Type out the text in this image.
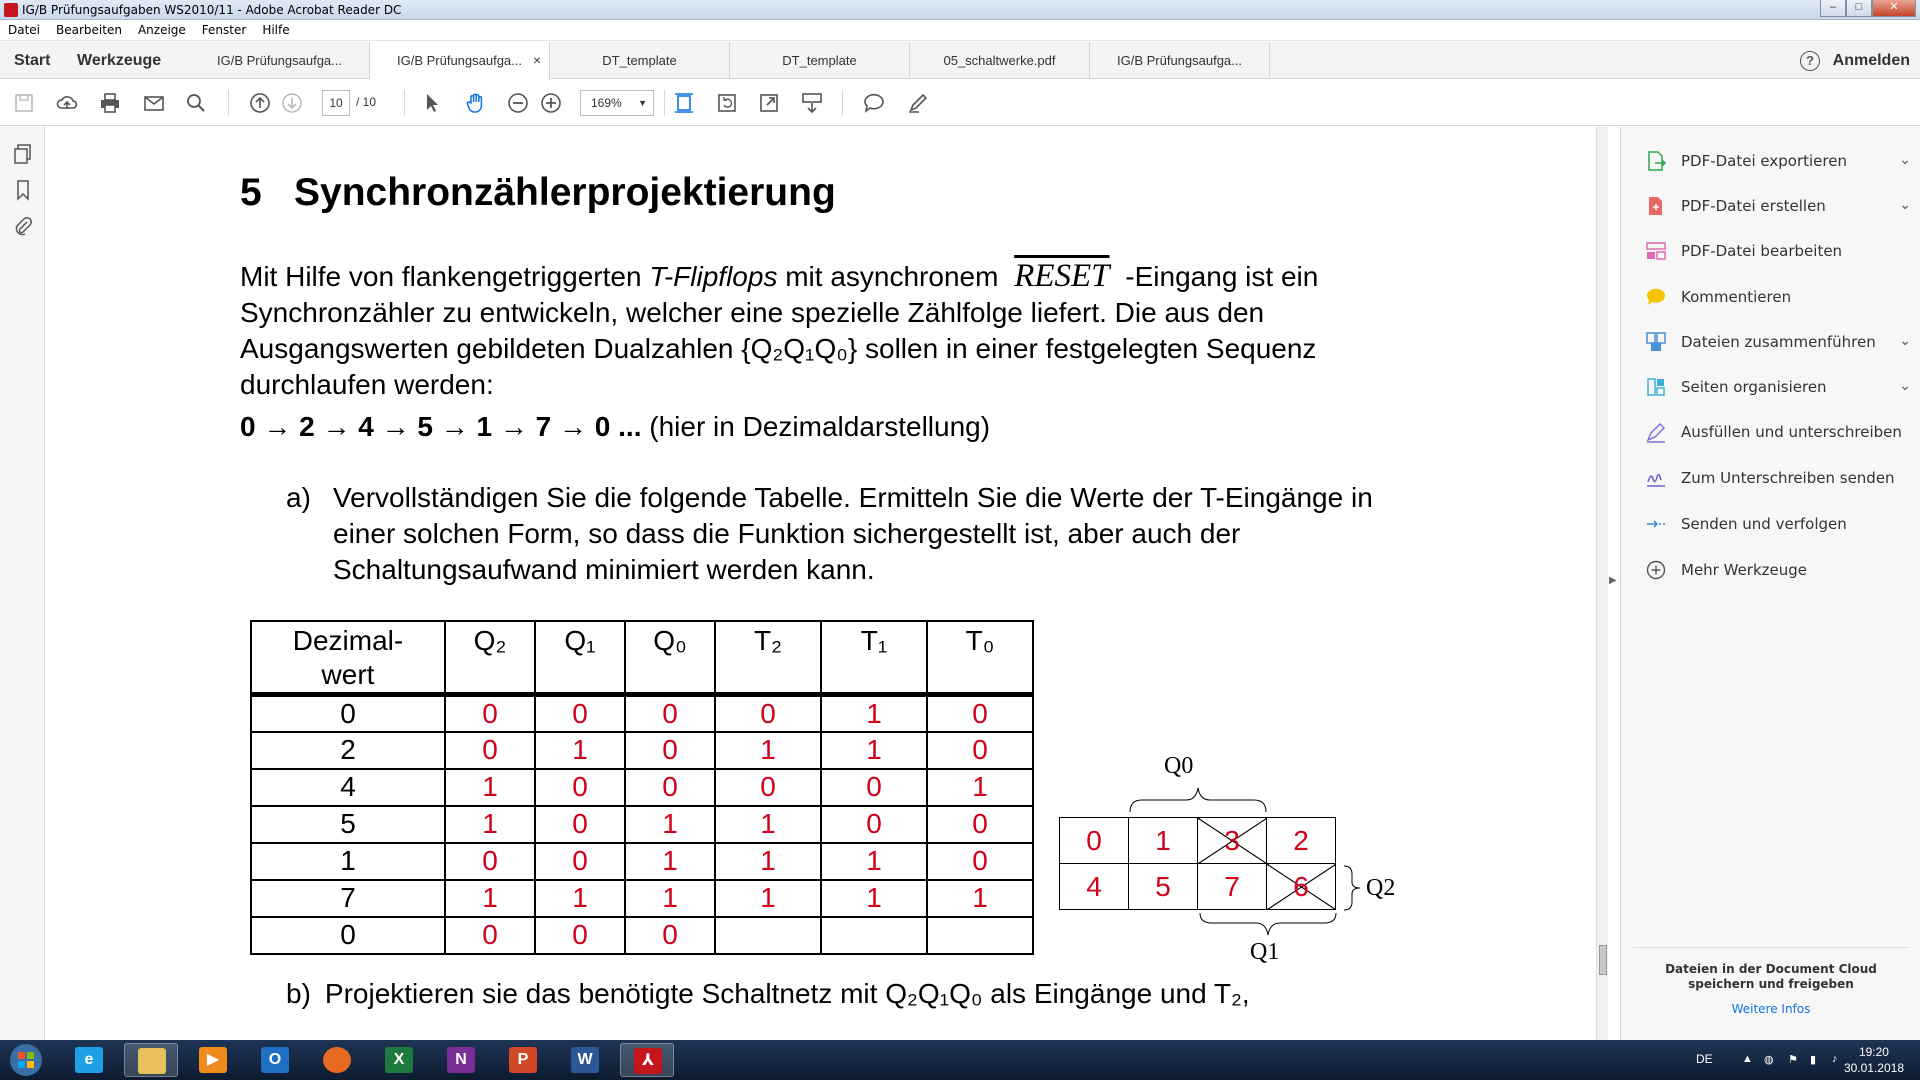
IG/B Prüfungsaufgaben WS2010/11 - Adobe Acrobat Reader DC	–	□	✕
Datei	Bearbeiten	Anzeige	Fenster	Hilfe
Start Werkzeuge	IG/B Prüfungsaufga...	IG/B Prüfungsaufga... ×	DT_template	DT_template	05_schaltwerke.pdf	IG/B Prüfungsaufga...	?	Anmelden
10	/ 10	169% ▼
5 Synchronzählerprojektierung
Mit Hilfe von flankengetriggerten T-Flipflops mit asynchronem RESET -Eingang ist ein Synchronzähler zu entwickeln, welcher eine spezielle Zählfolge liefert. Die aus den Ausgangswerten gebildeten Dualzahlen {Q₂Q₁Q₀} sollen in einer festgelegten Sequenz durchlaufen werden:
0 → 2 → 4 → 5 → 1 → 7 → 0 ... (hier in Dezimaldarstellung)
a) Vervollständigen Sie die folgende Tabelle. Ermitteln Sie die Werte der T-Eingänge in einer solchen Form, so dass die Funktion sichergestellt ist, aber auch der Schaltungsaufwand minimiert werden kann.
Dezimal-
wert	Q₂	Q₁	Q₀	T₂	T₁	T₀
0	0	0	0	0	1	0
2	0	1	0	1	1	0
4	1	0	0	0	0	1
5	1	0	1	1	0	0
1	0	0	1	1	1	0
7	1	1	1	1	1	1
0	0	0	0			
Q0
0	1	3	2
4	5	7	6 Q2
Q1
b) Projektieren sie das benötigte Schaltnetz mit Q₂Q₁Q₀ als Eingänge und T₂,
▶
PDF-Datei exportieren	⌄
PDF-Datei erstellen	⌄
PDF-Datei bearbeiten
Kommentieren
Dateien zusammenführen ⌄
Seiten organisieren	⌄
Ausfüllen und unterschreiben
Zum Unterschreiben senden
Senden und verfolgen
Mehr Werkzeuge
Dateien in der Document Cloud speichern und freigeben
Weitere Infos
e	▶	O	X	N	P	W	⅄	DE	▲ ◍	⚑	▮	♪	19:20
30.01.2018
